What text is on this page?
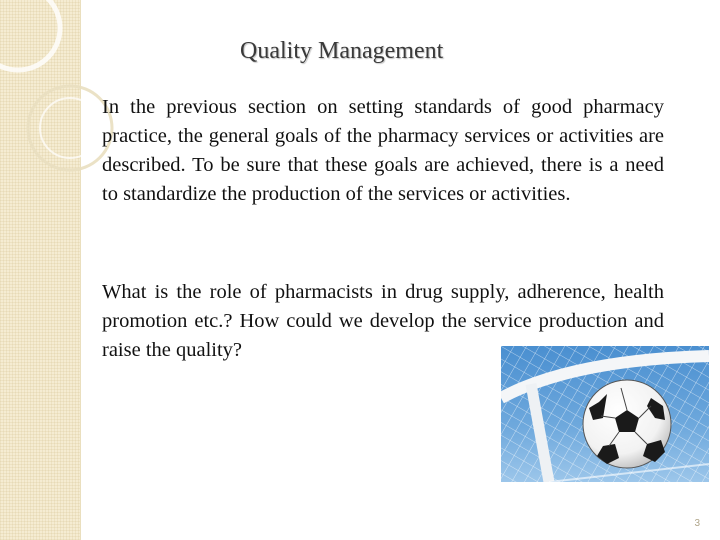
Quality Management

In the previous section on setting standards of good pharmacy practice, the general goals of the pharmacy services or activities are described. To be sure that these goals are achieved, there is a need to standardize the production of the services or activities.

What is the role of pharmacists in drug supply, adherence, health promotion etc.? How could we develop the service production and raise the quality?

3
